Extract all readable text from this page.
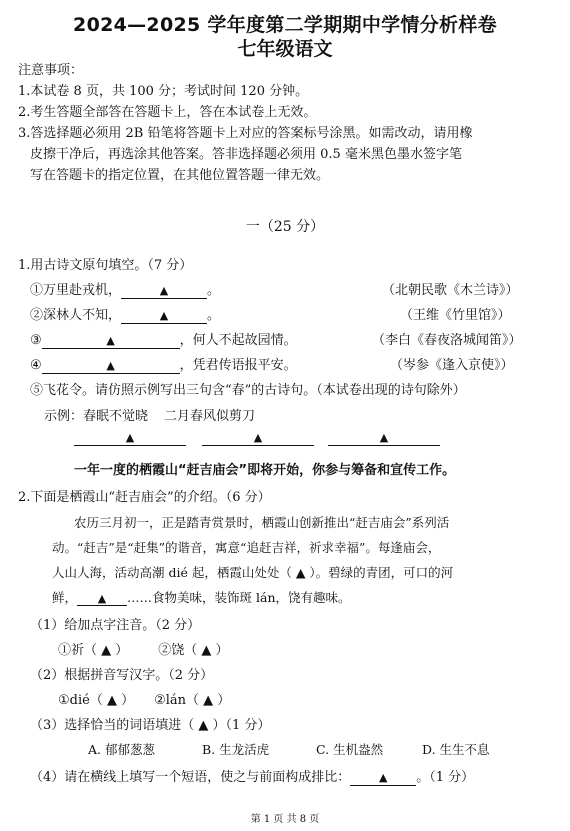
2024—2025 学年度第二学期期中学情分析样卷
七年级语文
注意事项：
1.本试卷 8 页，共 100 分；考试时间 120 分钟。
2.考生答题全部答在答题卡上，答在本试卷上无效。
3.答选择题必须用 2B 铅笔将答题卡上对应的答案标号涂黑。如需改动，请用橡
皮擦干净后，再选涂其他答案。答非选择题必须用 0.5 毫米黑色墨水签字笔
写在答题卡的指定位置，在其他位置答题一律无效。
一（25 分）
1.用古诗文原句填空。（7 分）
①万里赴戎机，	▲	。	（北朝民歌《木兰诗》）
②深林人不知，	▲	。	（王维《竹里馆》）
③	▲	，何人不起故园情。	（李白《春夜洛城闻笛》）
④	▲	，凭君传语报平安。	（岑参《逢入京使》）
⑤飞花令。请仿照示例写出三句含“春”的古诗句。（本试卷出现的诗句除外）
示例：春眠不觉晓 二月春风似剪刀
▲	▲	▲
一年一度的栖霞山“赶吉庙会”即将开始，你参与筹备和宣传工作。
2.下面是栖霞山“赶吉庙会”的介绍。（6 分）
农历三月初一，正是踏青赏景时，栖霞山创新推出“赶吉庙会”系列活
动。“赶吉”是“赶集”的谐音，寓意“追赶吉祥，祈求幸福”。每逢庙会，
人山人海，活动高潮 dié 起，栖霞山处处（ ▲ ）。碧绿的青团，可口的河
鲜， ▲ ……食物美味，装饰斑 lán，饶有趣味。
（1）给加点字注音。（2 分）
①祈（ ▲ ） ②饶（ ▲ ）
（2）根据拼音写汉字。（2 分）
①dié（ ▲ ） ②lán（ ▲ ）
（3）选择恰当的词语填进（ ▲ ）（1 分）
A. 郁郁葱葱	B. 生龙活虎	C. 生机盎然	D. 生生不息
（4）请在横线上填写一个短语，使之与前面构成排比：	▲ 。（1 分）
第 1 页 共 8 页
